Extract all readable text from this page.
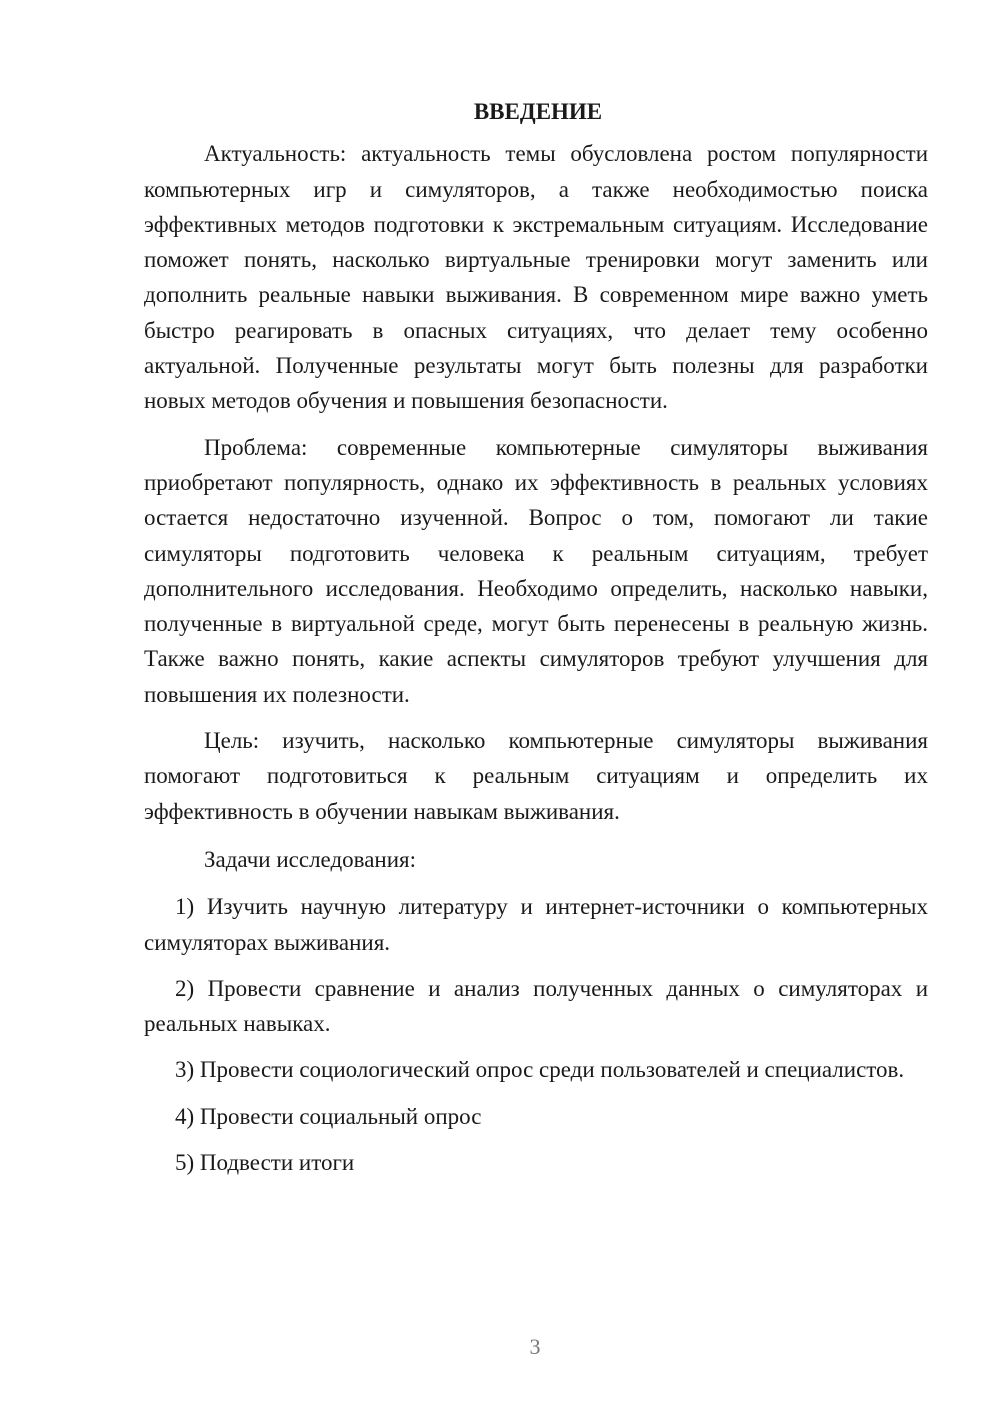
ВВЕДЕНИЕ

Актуальность: актуальность темы обусловлена ростом популярности компьютерных игр и симуляторов, а также необходимостью поиска эффективных методов подготовки к экстремальным ситуациям. Исследование поможет понять, насколько виртуальные тренировки могут заменить или дополнить реальные навыки выживания. В современном мире важно уметь быстро реагировать в опасных ситуациях, что делает тему особенно актуальной. Полученные результаты могут быть полезны для разработки новых методов обучения и повышения безопасности.

Проблема: современные компьютерные симуляторы выживания приобретают популярность, однако их эффективность в реальных условиях остается недостаточно изученной. Вопрос о том, помогают ли такие симуляторы подготовить человека к реальным ситуациям, требует дополнительного исследования. Необходимо определить, насколько навыки, полученные в виртуальной среде, могут быть перенесены в реальную жизнь. Также важно понять, какие аспекты симуляторов требуют улучшения для повышения их полезности.

Цель: изучить, насколько компьютерные симуляторы выживания помогают подготовиться к реальным ситуациям и определить их эффективность в обучении навыкам выживания.

Задачи исследования:

1) Изучить научную литературу и интернет-источники о компьютерных симуляторах выживания.

2) Провести сравнение и анализ полученных данных о симуляторах и реальных навыках.

3) Провести социологический опрос среди пользователей и специалистов.

4) Провести социальный опрос

5) Подвести итоги

3
